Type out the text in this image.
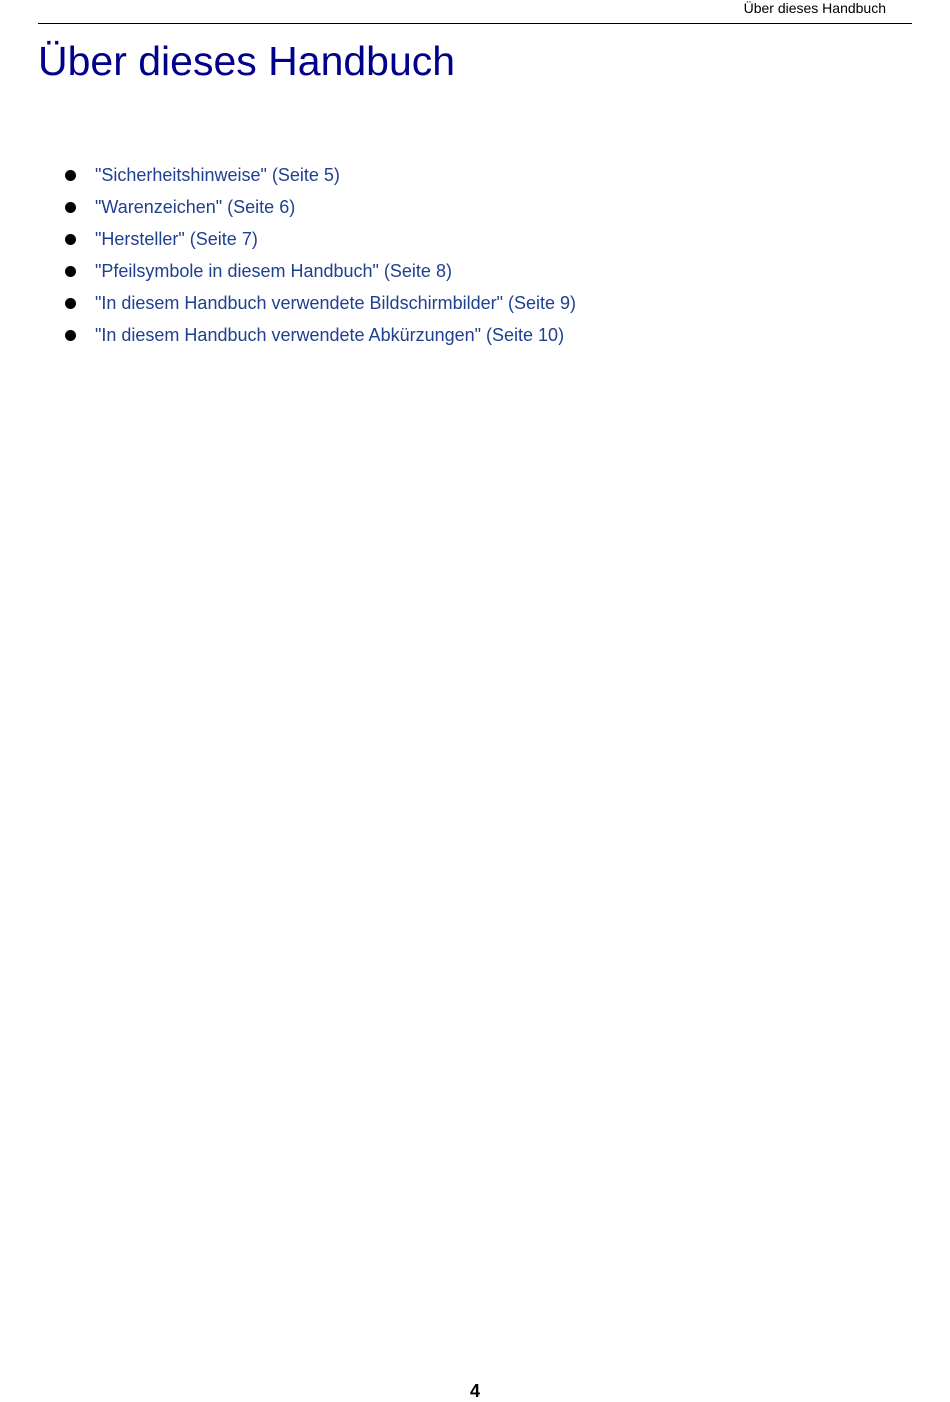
Über dieses Handbuch
Über dieses Handbuch
"Sicherheitshinweise" (Seite 5)
"Warenzeichen" (Seite 6)
"Hersteller" (Seite 7)
"Pfeilsymbole in diesem Handbuch" (Seite 8)
"In diesem Handbuch verwendete Bildschirmbilder" (Seite 9)
"In diesem Handbuch verwendete Abkürzungen" (Seite 10)
4
